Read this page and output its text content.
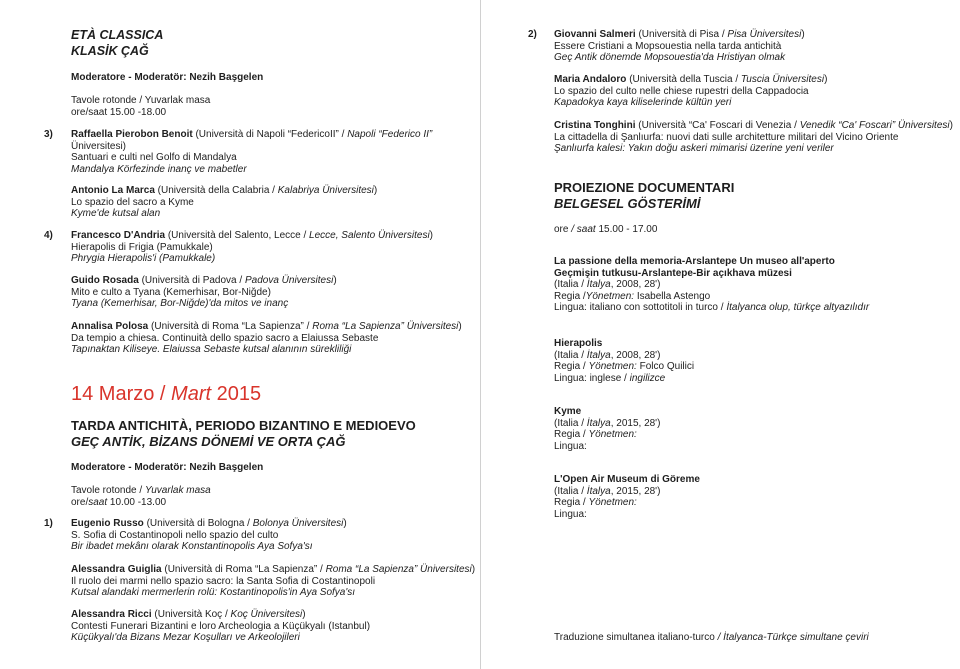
ETÀ CLASSICA
KLASİK ÇAĞ
Moderatore - Moderatör: Nezih Başgelen
Tavole rotonde / Yuvarlak masa
ore/saat 15.00 -18.00
3) Raffaella Pierobon Benoit (Università di Napoli “FedericoII” / Napoli “Federico II”
Üniversitesi)
Santuari e culti nel Golfo di Mandalya
Mandalya Körfezinde inanç ve mabetler
Antonio La Marca (Università della Calabria / Kalabriya Üniversitesi)
Lo spazio del sacro a Kyme
Kyme'de kutsal alan
4) Francesco D'Andria (Università del Salento, Lecce / Lecce, Salento Üniversitesi)
Hierapolis di Frigia (Pamukkale)
Phrygia Hierapolis'i (Pamukkale)
Guido Rosada (Università di Padova / Padova Üniversitesi)
Mito e culto a Tyana (Kemerhisar, Bor-Niğde)
Tyana (Kemerhisar, Bor-Niğde)'da mitos ve inanç
Annalisa Polosa (Università di Roma “La Sapienza” / Roma “La Sapienza” Üniversitesi)
Da tempio a chiesa. Continuità dello spazio sacro a Elaiussa Sebaste
Tapınaktan Kiliseye. Elaiussa Sebaste kutsal alanının sürekliliği
14 Marzo / Mart 2015
TARDA ANTICHITÀ, PERIODO BIZANTINO E MEDIOEVO
GEÇ ANTİK, BİZANS DÖNEMİ VE ORTA ÇAĞ
Moderatore - Moderatör: Nezih Başgelen
Tavole rotonde / Yuvarlak masa
ore/saat 10.00 -13.00
1) Eugenio Russo (Università di Bologna / Bolonya Üniversitesi)
S. Sofia di Costantinopoli nello spazio del culto
Bir ibadet mekânı olarak Konstantinopolis Aya Sofya'sı
Alessandra Guiglia (Università di Roma “La Sapienza” / Roma “La Sapienza” Üniversitesi)
Il ruolo dei marmi nello spazio sacro: la Santa Sofia di Costantinopoli
Kutsal alandaki mermerlerin rolü: Kostantinopolis'in Aya Sofya'sı
Alessandra Ricci (Università Koç / Koç Üniversitesi)
Contesti Funerari Bizantini e loro Archeologia a Küçükyalı (Istanbul)
Küçükyalı'da Bizans Mezar Koşulları ve Arkeolojileri
2) Giovanni Salmeri (Università di Pisa / Pisa Üniversitesi)
Essere Cristiani a Mopsouestia nella tarda antichità
Geç Antik dönemde Mopsouestia'da Hristiyan olmak
Maria Andaloro (Università della Tuscia / Tuscia Üniversitesi)
Lo spazio del culto nelle chiese rupestri della Cappadocia
Kapadokya kaya kiliselerinde kültün yeri
Cristina Tonghini (Università “Ca' Foscari di Venezia / Venedik “Ca' Foscari” Üniversitesi)
La cittadella di Şanlıurfa: nuovi dati sulle architetture militari del Vicino Oriente
Şanlıurfa kalesi: Yakın doğu askeri mimarisi üzerine yeni veriler
PROIEZIONE DOCUMENTARI
BELGESEL GÖSTERİMİ
ore / saat 15.00 - 17.00
La passione della memoria-Arslantepe Un museo all'aperto
Geçmişin tutkusu-Arslantepe-Bir açıkhava müzesi
(Italia / İtalya, 2008, 28')
Regia /Yönetmen: Isabella Astengo
Lingua: italiano con sottotitoli in turco / İtalyanca olup, türkçe altyazılıdır
Hierapolis
(Italia / İtalya, 2008, 28')
Regia / Yönetmen: Folco Quilici
Lingua: inglese / ingilizce
Kyme
(Italia / İtalya, 2015, 28')
Regia / Yönetmen:
Lingua:
L'Open Air Museum di Göreme
(Italia / İtalya, 2015, 28')
Regia / Yönetmen:
Lingua:
Traduzione simultanea italiano-turco / İtalyanca-Türkçe simultane çeviri
